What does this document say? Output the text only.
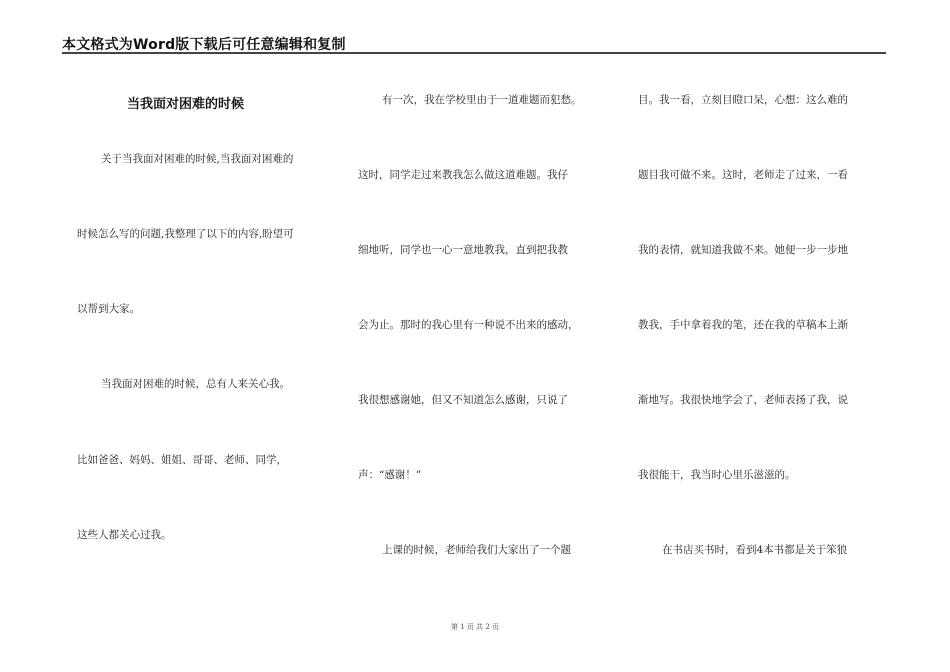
本文格式为Word版下载后可任意编辑和复制
当我面对困难的时候
关于当我面对困难的时候,当我面对困难的
时候怎么写的问题,我整理了以下的内容,盼望可
以帮到大家。
当我面对困难的时候，总有人来关心我。
比如爸爸、妈妈、姐姐、哥哥、老师、同学，
这些人都关心过我。
有一次，我在学校里由于一道难题而犯愁。
这时，同学走过来教我怎么做这道难题。我仔
细地听，同学也一心一意地教我，直到把我教
会为止。那时的我心里有一种说不出来的感动，
我很想感谢她，但又不知道怎么感谢，只说了
声：“感谢！”
上课的时候，老师给我们大家出了一个题
目。我一看，立刻目瞪口呆，心想：这么难的
题目我可做不来。这时，老师走了过来，一看
我的表情，就知道我做不来。她便一步一步地
教我，手中拿着我的笔，还在我的草稿本上渐
渐地写。我很快地学会了，老师表扬了我，说
我很能干，我当时心里乐滋滋的。
在书店买书时，看到4本书都是关于笨狼
第 1 页 共 2 页
